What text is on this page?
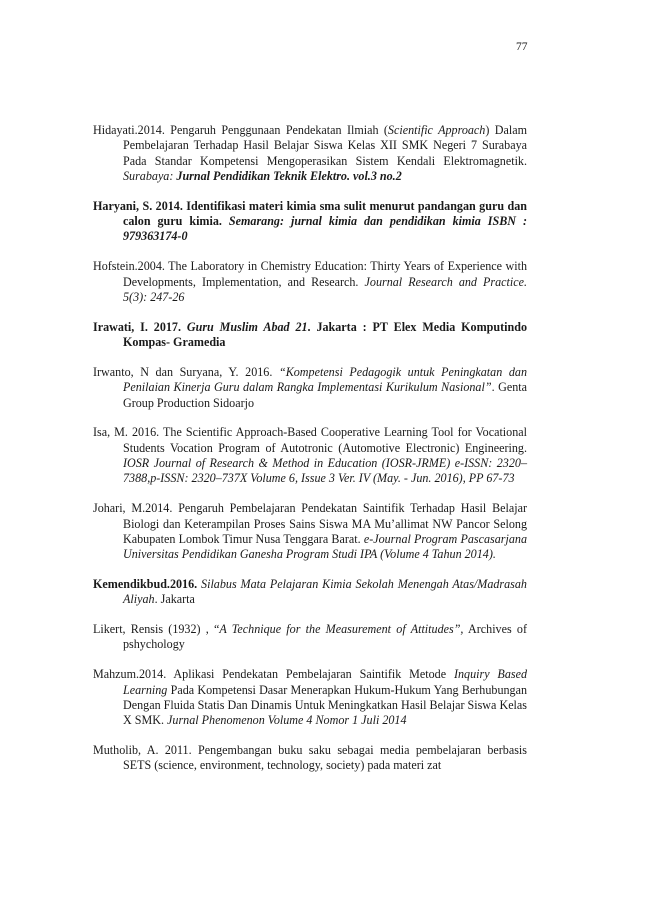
77

Hidayati.2014. Pengaruh Penggunaan Pendekatan Ilmiah (Scientific Approach) Dalam Pembelajaran Terhadap Hasil Belajar Siswa Kelas XII SMK Negeri 7 Surabaya Pada Standar Kompetensi Mengoperasikan Sistem Kendali Elektromagnetik. Surabaya: Jurnal Pendidikan Teknik Elektro. vol.3 no.2

Haryani, S. 2014. Identifikasi materi kimia sma sulit menurut pandangan guru dan calon guru kimia. Semarang: jurnal kimia dan pendidikan kimia ISBN : 979363174-0

Hofstein.2004. The Laboratory in Chemistry Education: Thirty Years of Experience with Developments, Implementation, and Research. Journal Research and Practice. 5(3): 247-26

Irawati, I. 2017. Guru Muslim Abad 21. Jakarta : PT Elex Media Komputindo Kompas- Gramedia

Irwanto, N dan Suryana, Y. 2016. “Kompetensi Pedagogik untuk Peningkatan dan Penilaian Kinerja Guru dalam Rangka Implementasi Kurikulum Nasional”. Genta Group Production Sidoarjo

Isa, M. 2016. The Scientific Approach-Based Cooperative Learning Tool for Vocational Students Vocation Program of Autotronic (Automotive Electronic) Engineering. IOSR Journal of Research & Method in Education (IOSR-JRME) e-ISSN: 2320–7388,p-ISSN: 2320–737X Volume 6, Issue 3 Ver. IV (May. - Jun. 2016), PP 67-73

Johari, M.2014. Pengaruh Pembelajaran Pendekatan Saintifik Terhadap Hasil Belajar Biologi dan Keterampilan Proses Sains Siswa MA Mu’allimat NW Pancor Selong Kabupaten Lombok Timur Nusa Tenggara Barat. e-Journal Program Pascasarjana Universitas Pendidikan Ganesha Program Studi IPA (Volume 4 Tahun 2014).

Kemendikbud.2016. Silabus Mata Pelajaran Kimia Sekolah Menengah Atas/Madrasah Aliyah. Jakarta

Likert, Rensis (1932) , “A Technique for the Measurement of Attitudes”, Archives of pshychology

Mahzum.2014. Aplikasi Pendekatan Pembelajaran Saintifik Metode Inquiry Based Learning Pada Kompetensi Dasar Menerapkan Hukum-Hukum Yang Berhubungan Dengan Fluida Statis Dan Dinamis Untuk Meningkatkan Hasil Belajar Siswa Kelas X SMK. Jurnal Phenomenon Volume 4 Nomor 1 Juli 2014

Mutholib, A. 2011. Pengembangan buku saku sebagai media pembelajaran berbasis SETS (science, environment, technology, society) pada materi zat
